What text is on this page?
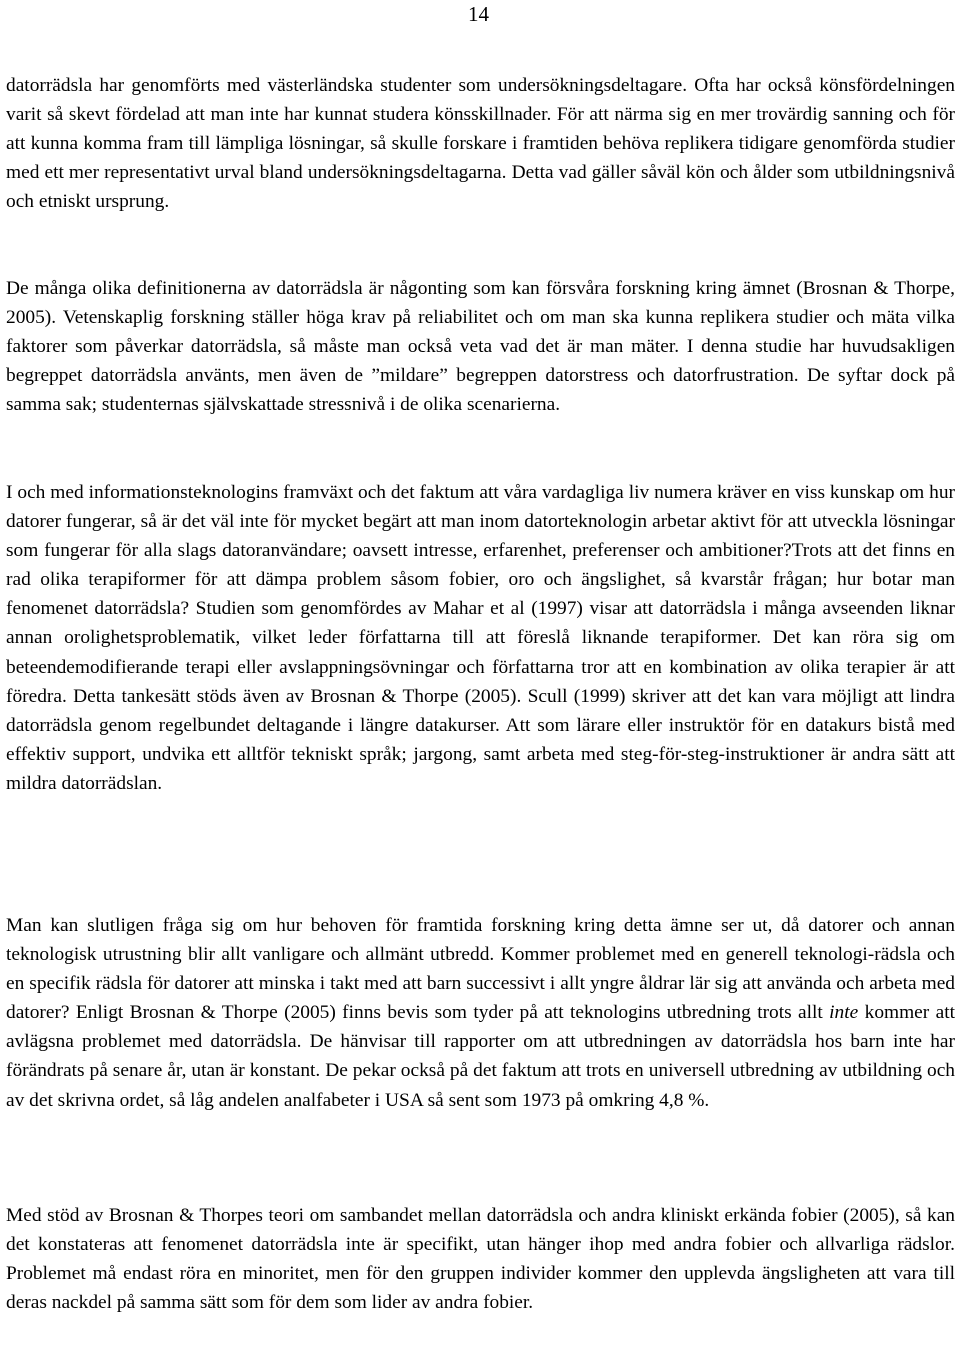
14

datorrädsla har genomförts med västerländska studenter som undersökningsdeltagare. Ofta har också könsfördelningen varit så skevt fördelad att man inte har kunnat studera könsskillnader. För att närma sig en mer trovärdig sanning och för att kunna komma fram till lämpliga lösningar, så skulle forskare i framtiden behöva replikera tidigare genomförda studier med ett mer representativt urval bland undersökningsdeltagarna. Detta vad gäller såväl kön och ålder som utbildningsnivå och etniskt ursprung.

De många olika definitionerna av datorrädsla är någonting som kan försvåra forskning kring ämnet (Brosnan & Thorpe, 2005). Vetenskaplig forskning ställer höga krav på reliabilitet och om man ska kunna replikera studier och mäta vilka faktorer som påverkar datorrädsla, så måste man också veta vad det är man mäter. I denna studie har huvudsakligen begreppet datorrädsla använts, men även de ”mildare” begreppen datorstress och datorfrustration. De syftar dock på samma sak; studenternas självskattade stressnivå i de olika scenarierna.

I och med informationsteknologins framväxt och det faktum att våra vardagliga liv numera kräver en viss kunskap om hur datorer fungerar, så är det väl inte för mycket begärt att man inom datorteknologin arbetar aktivt för att utveckla lösningar som fungerar för alla slags datoranvändare; oavsett intresse, erfarenhet, preferenser och ambitioner?Trots att det finns en rad olika terapiformer för att dämpa problem såsom fobier, oro och ängslighet, så kvarstår frågan; hur botar man fenomenet datorrädsla? Studien som genomfördes av Mahar et al (1997) visar att datorrädsla i många avseenden liknar annan orolighetsproblematik, vilket leder författarna till att föreslå liknande terapiformer. Det kan röra sig om beteendemodifierande terapi eller avslappningsövningar och författarna tror att en kombination av olika terapier är att föredra. Detta tankesätt stöds även av Brosnan & Thorpe (2005). Scull (1999) skriver att det kan vara möjligt att lindra datorrädsla genom regelbundet deltagande i längre datakurser. Att som lärare eller instruktör för en datakurs bistå med effektiv support, undvika ett alltför tekniskt språk; jargong, samt arbeta med steg-för-steg-instruktioner är andra sätt att mildra datorrädslan.

Man kan slutligen fråga sig om hur behoven för framtida forskning kring detta ämne ser ut, då datorer och annan teknologisk utrustning blir allt vanligare och allmänt utbredd. Kommer problemet med en generell teknologi-rädsla och en specifik rädsla för datorer att minska i takt med att barn successivt i allt yngre åldrar lär sig att använda och arbeta med datorer? Enligt Brosnan & Thorpe (2005) finns bevis som tyder på att teknologins utbredning trots allt inte kommer att avlägsna problemet med datorrädsla. De hänvisar till rapporter om att utbredningen av datorrädsla hos barn inte har förändrats på senare år, utan är konstant. De pekar också på det faktum att trots en universell utbredning av utbildning och av det skrivna ordet, så låg andelen analfabeter i USA så sent som 1973 på omkring 4,8 %.

Med stöd av Brosnan & Thorpes teori om sambandet mellan datorrädsla och andra kliniskt erkända fobier (2005), så kan det konstateras att fenomenet datorrädsla inte är specifikt, utan hänger ihop med andra fobier och allvarliga rädslor. Problemet må endast röra en minoritet, men för den gruppen individer kommer den upplevda ängsligheten att vara till deras nackdel på samma sätt som för dem som lider av andra fobier.
